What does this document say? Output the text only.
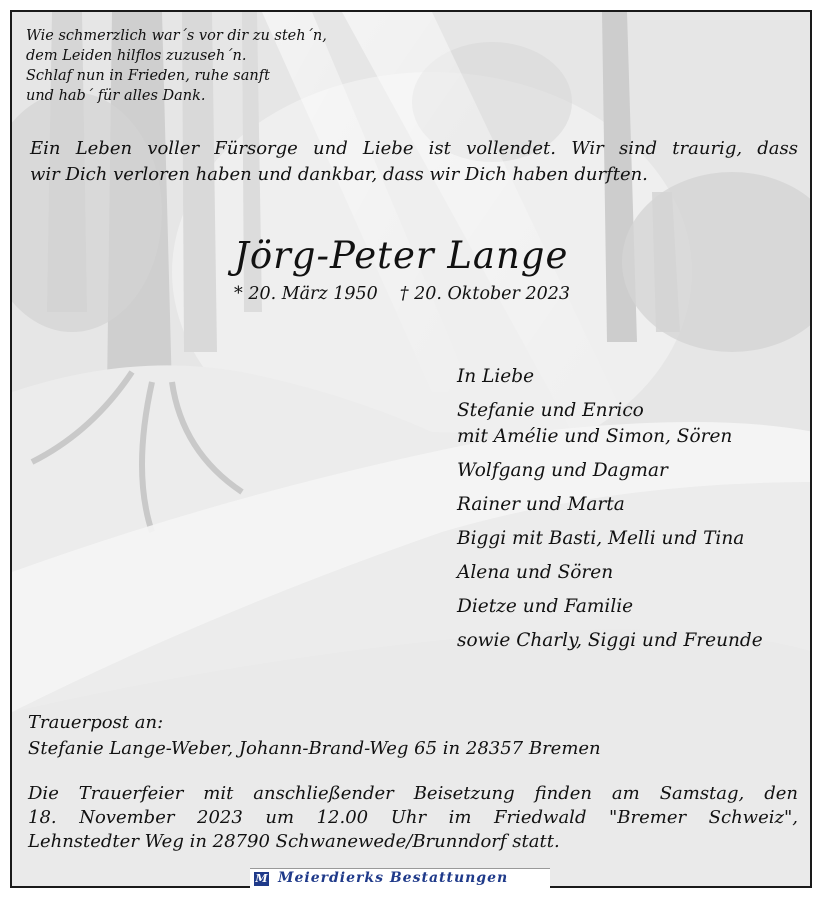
Wie schmerzlich war´s vor dir zu steh´n,
dem Leiden hilflos zuzuseh´n.
Schlaf nun in Frieden, ruhe sanft
und hab´ für alles Dank.
Ein Leben voller Fürsorge und Liebe ist vollendet. Wir sind traurig, dass
wir Dich verloren haben und dankbar, dass wir Dich haben durften.
Jörg-Peter Lange
* 20. März 1950 † 20. Oktober 2023
In Liebe
Stefanie und Enrico
mit Amélie und Simon, Sören
Wolfgang und Dagmar
Rainer und Marta
Biggi mit Basti, Melli und Tina
Alena und Sören
Dietze und Familie
sowie Charly, Siggi und Freunde
Trauerpost an:
Stefanie Lange-Weber, Johann-Brand-Weg 65 in 28357 Bremen
Die Trauerfeier mit anschließender Beisetzung finden am Samstag, den
18. November 2023 um 12.00 Uhr im Friedwald "Bremer Schweiz",
Lehnstedter Weg in 28790 Schwanewede/Brunndorf statt.
M Meierdierks Bestattungen
